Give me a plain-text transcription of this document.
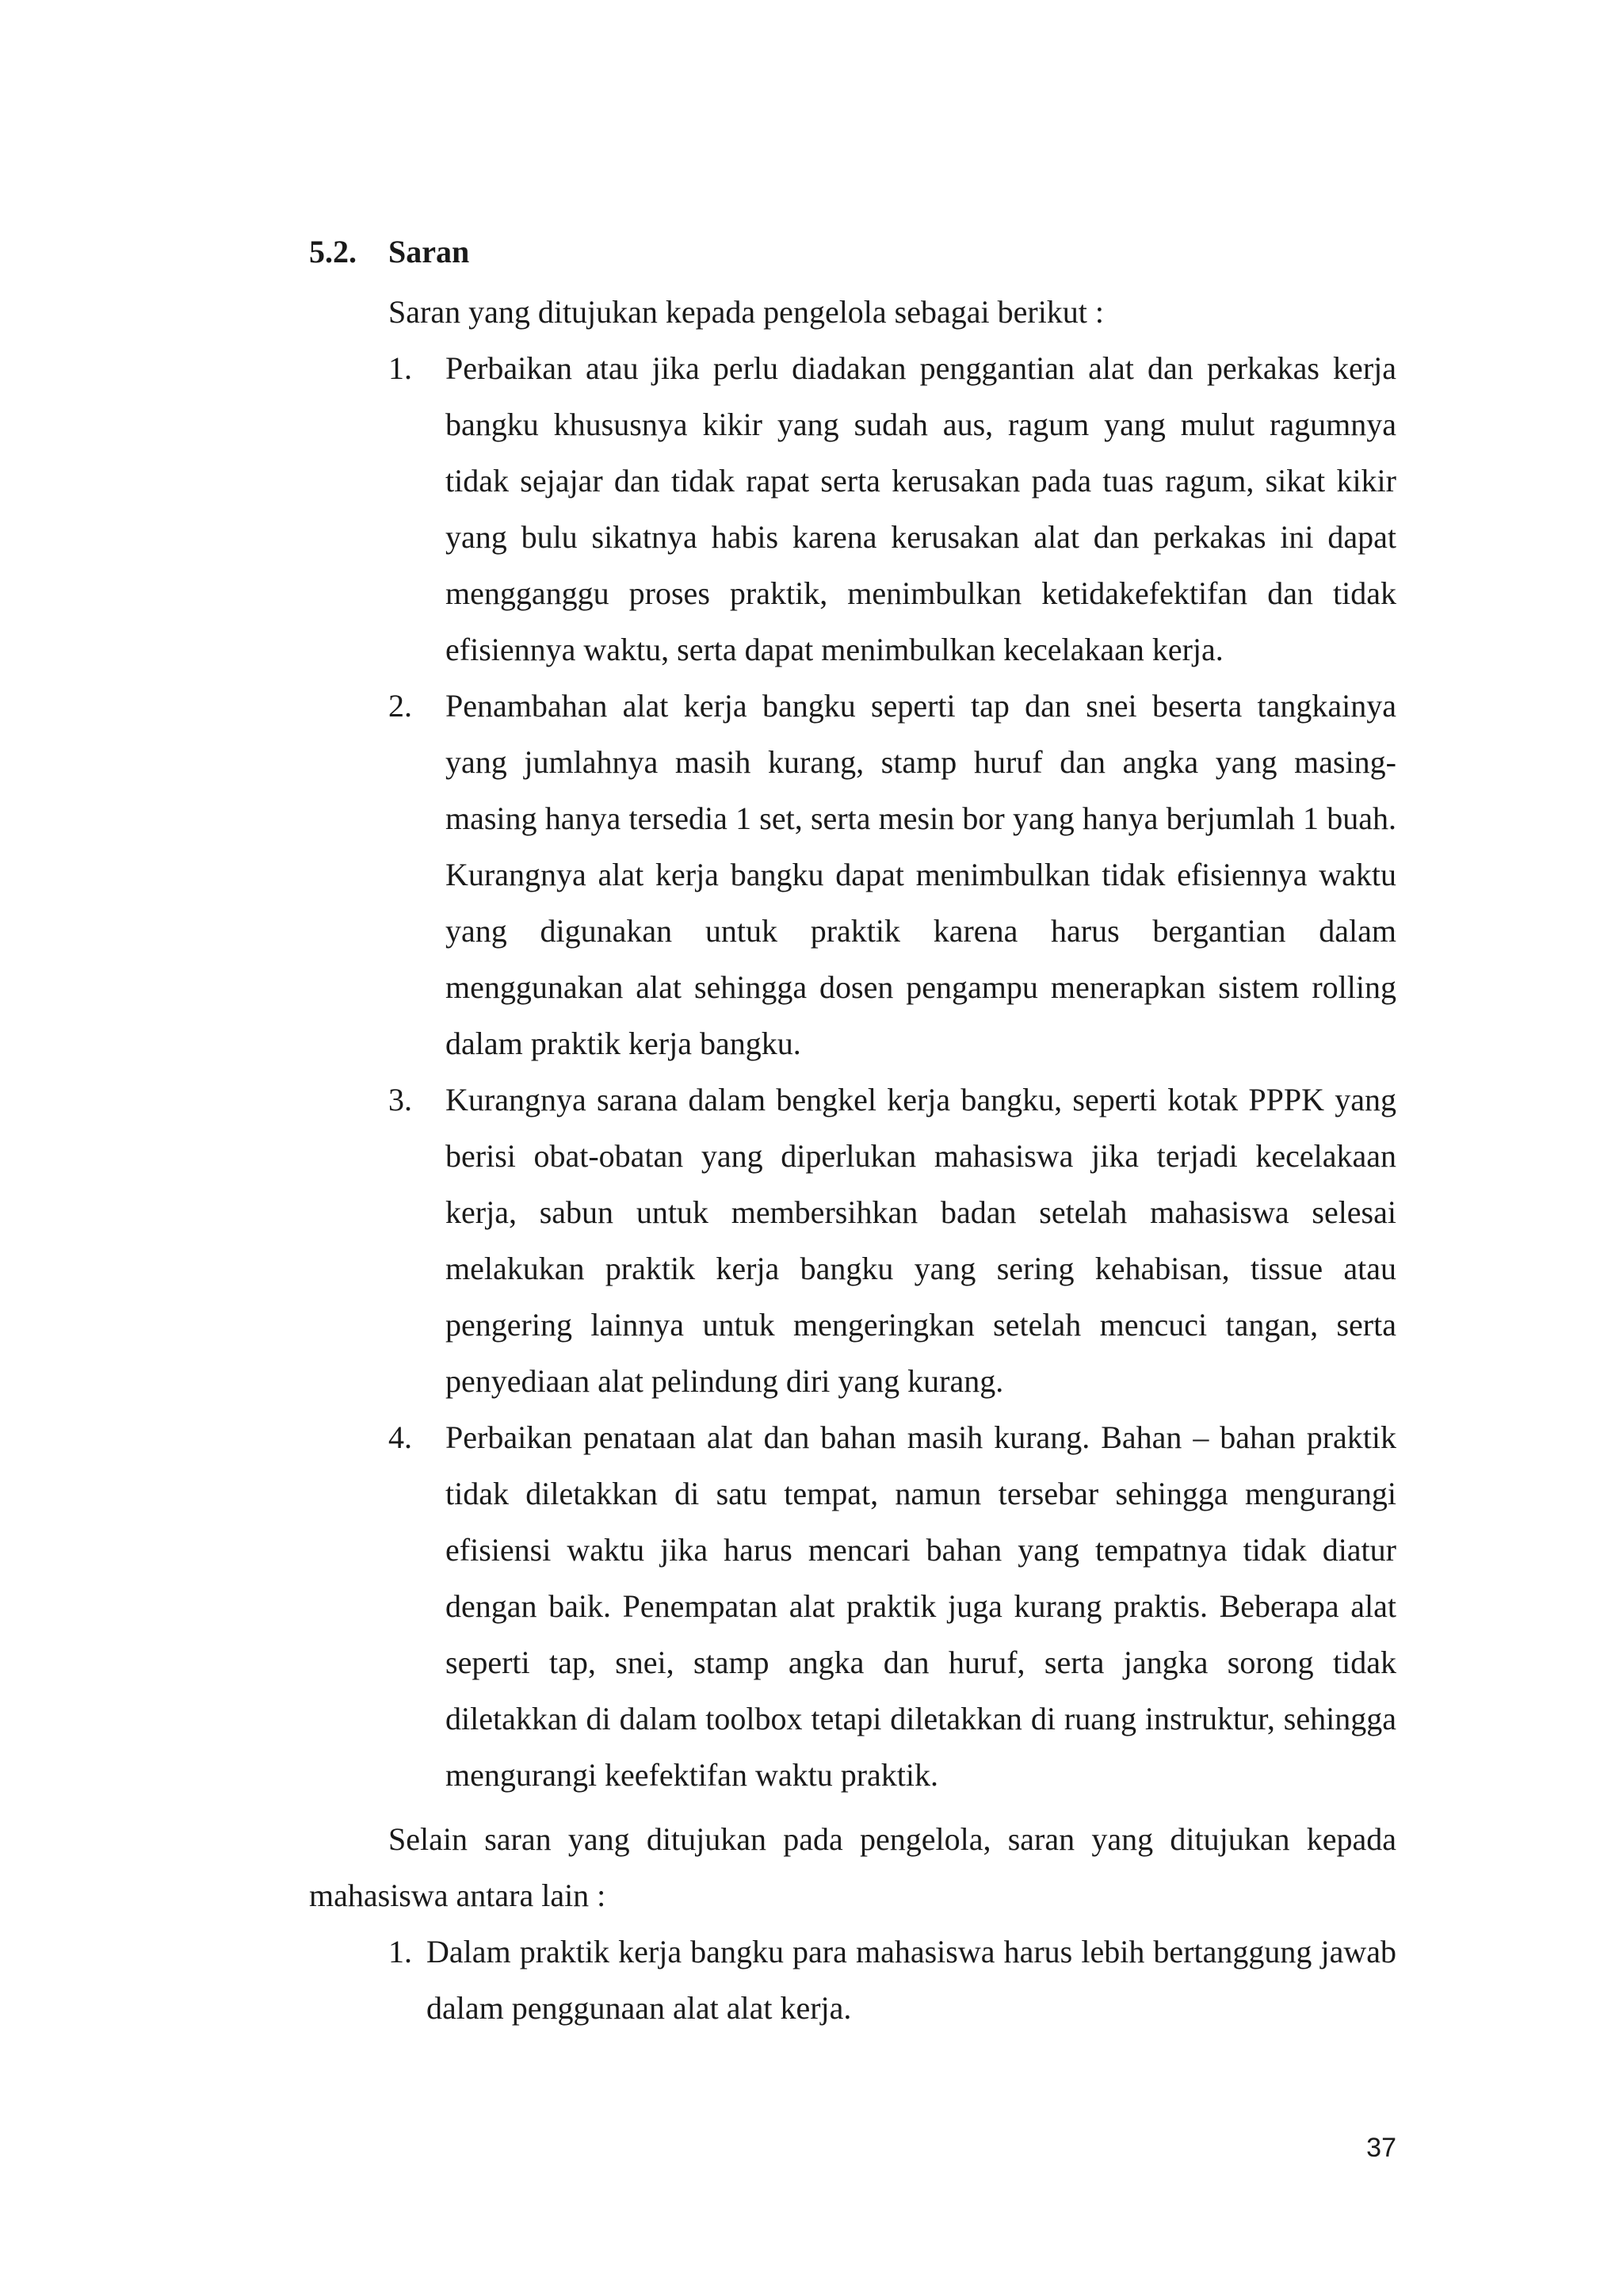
5.2. Saran
Saran yang ditujukan kepada pengelola sebagai berikut :
1. Perbaikan atau jika perlu diadakan penggantian alat dan perkakas kerja bangku khususnya kikir yang sudah aus, ragum yang mulut ragumnya tidak sejajar dan tidak rapat serta kerusakan pada tuas ragum, sikat kikir yang bulu sikatnya habis karena kerusakan alat dan perkakas ini dapat mengganggu proses praktik, menimbulkan ketidakefektifan dan tidak efisiennya waktu, serta dapat menimbulkan kecelakaan kerja.
2. Penambahan alat kerja bangku seperti tap dan snei beserta tangkainya yang jumlahnya masih kurang, stamp huruf dan angka yang masing-masing hanya tersedia 1 set, serta mesin bor yang hanya berjumlah 1 buah. Kurangnya alat kerja bangku dapat menimbulkan tidak efisiennya waktu yang digunakan untuk praktik karena harus bergantian dalam menggunakan alat sehingga dosen pengampu menerapkan sistem rolling dalam praktik kerja bangku.
3. Kurangnya sarana dalam bengkel kerja bangku, seperti kotak PPPK yang berisi obat-obatan yang diperlukan mahasiswa jika terjadi kecelakaan kerja, sabun untuk membersihkan badan setelah mahasiswa selesai melakukan praktik kerja bangku yang sering kehabisan, tissue atau pengering lainnya untuk mengeringkan setelah mencuci tangan, serta penyediaan alat pelindung diri yang kurang.
4. Perbaikan penataan alat dan bahan masih kurang. Bahan – bahan praktik tidak diletakkan di satu tempat, namun tersebar sehingga mengurangi efisiensi waktu jika harus mencari bahan yang tempatnya tidak diatur dengan baik. Penempatan alat praktik juga kurang praktis. Beberapa alat seperti tap, snei, stamp angka dan huruf, serta jangka sorong tidak diletakkan di dalam toolbox tetapi diletakkan di ruang instruktur, sehingga mengurangi keefektifan waktu praktik.
Selain saran yang ditujukan pada pengelola, saran yang ditujukan kepada mahasiswa antara lain :
1. Dalam praktik kerja bangku para mahasiswa harus lebih bertanggung jawab dalam penggunaan alat alat kerja.
37
